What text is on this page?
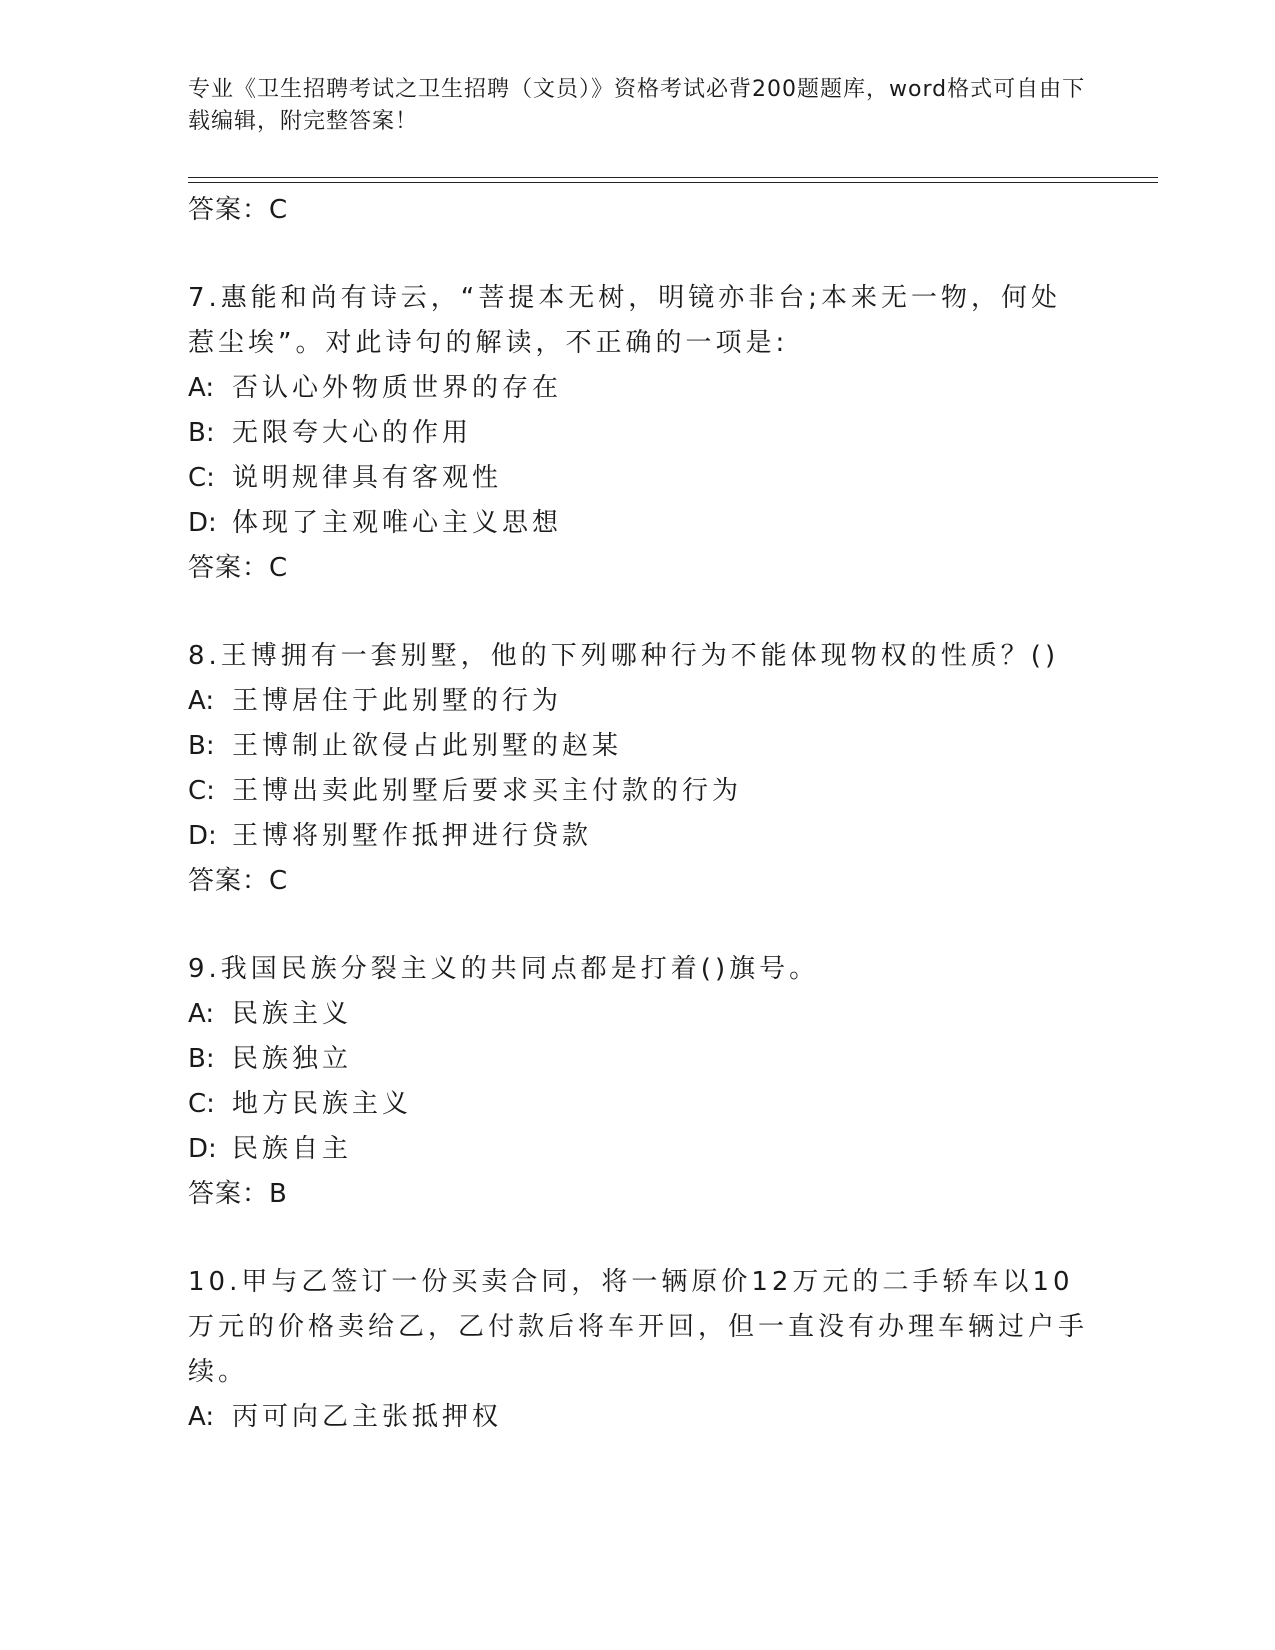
专业《卫生招聘考试之卫生招聘（文员）》资格考试必背200题题库，word格式可自由下载编辑，附完整答案！
答案：C
7.惠能和尚有诗云，“菩提本无树，明镜亦非台;本来无一物，何处惹尘埃”。对此诗句的解读，不正确的一项是:
A: 否认心外物质世界的存在
B: 无限夸大心的作用
C: 说明规律具有客观性
D: 体现了主观唯心主义思想
答案：C
8.王博拥有一套别墅，他的下列哪种行为不能体现物权的性质？()
A: 王博居住于此别墅的行为
B: 王博制止欲侵占此别墅的赵某
C: 王博出卖此别墅后要求买主付款的行为
D: 王博将别墅作抵押进行贷款
答案：C
9.我国民族分裂主义的共同点都是打着()旗号。
A: 民族主义
B: 民族独立
C: 地方民族主义
D: 民族自主
答案：B
10.甲与乙签订一份买卖合同，将一辆原价12万元的二手轿车以10万元的价格卖给乙，乙付款后将车开回，但一直没有办理车辆过户手续。
A: 丙可向乙主张抵押权
